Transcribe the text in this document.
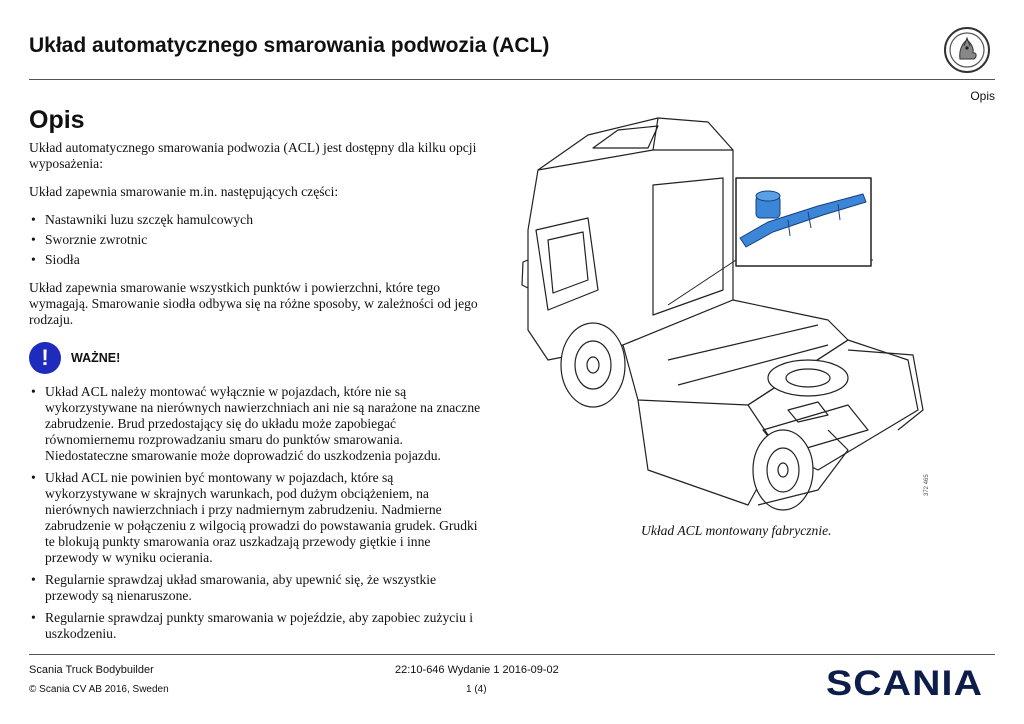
Układ automatycznego smarowania podwozia (ACL)
Opis
Opis

Układ automatycznego smarowania podwozia (ACL) jest dostępny dla kilku opcji wyposażenia:

Układ zapewnia smarowanie m.in. następujących części:

• Nastawniki luzu szczęk hamulcowych
• Sworznie zwrotnic
• Siodła

Układ zapewnia smarowanie wszystkich punktów i powierzchni, które tego wymagają. Smarowanie siodła odbywa się na różne sposoby, w zależności od jego rodzaju.

!	WAŻNE!
• Układ ACL należy montować wyłącznie w pojazdach, które nie są wykorzystywane na nierównych nawierzchniach ani nie są narażone na znaczne zabrudzenie. Brud przedostający się do układu może zapobiegać równomiernemu rozprowadzaniu smaru do punktów smarowania. Niedostateczne smarowanie może doprowadzić do uszkodzenia pojazdu.
• Układ ACL nie powinien być montowany w pojazdach, które są wykorzystywane w skrajnych warunkach, pod dużym obciążeniem, na nierównych nawierzchniach i przy nadmiernym zabrudzeniu. Nadmierne zabrudzenie w połączeniu z wilgocią prowadzi do powstawania grudek. Grudki te blokują punkty smarowania oraz uszkadzają przewody giętkie i inne przewody w wyniku ocierania.
• Regularnie sprawdzaj układ smarowania, aby upewnić się, że wszystkie przewody są nienaruszone.
• Regularnie sprawdzaj punkty smarowania w pojeździe, aby zapobiec zużyciu i uszkodzeniu.
Układ ACL montowany fabrycznie.
372 465
Scania Truck Bodybuilder
© Scania CV AB 2016, Sweden
22:10-646 Wydanie 1 2016-09-02
1 (4)	SCANIA
